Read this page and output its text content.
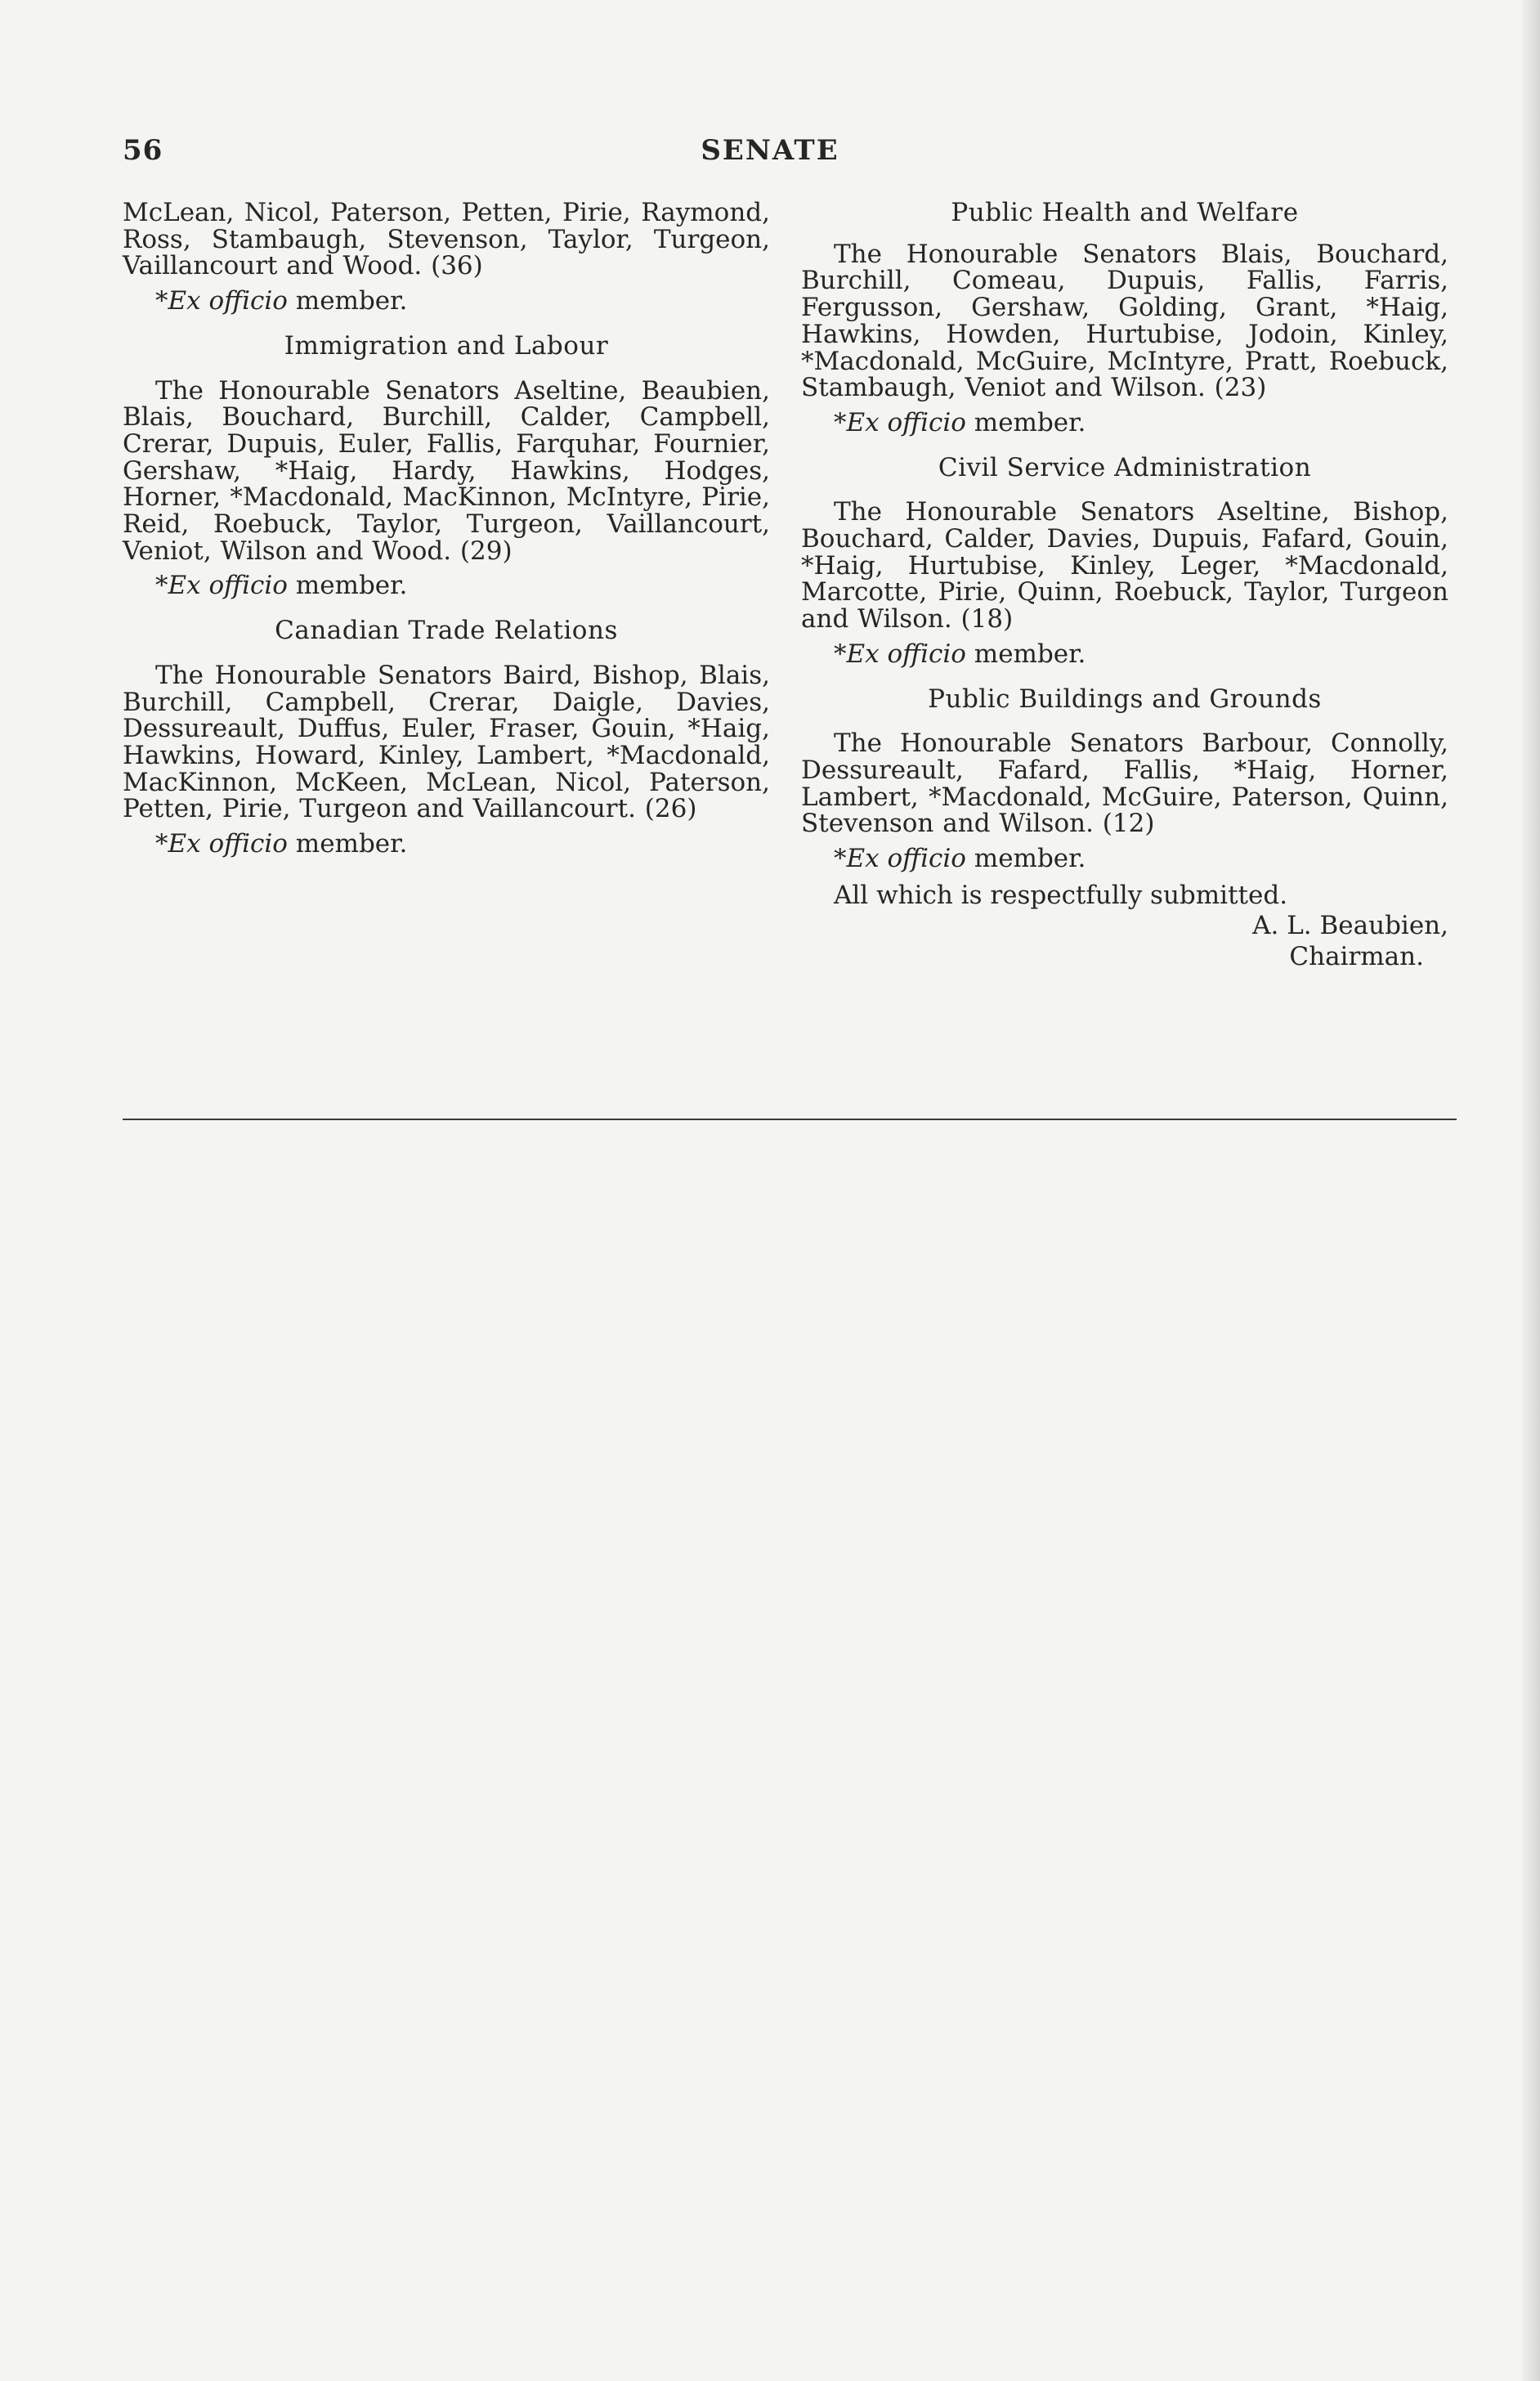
56	SENATE

McLean, Nicol, Paterson, Petten, Pirie, Raymond, Ross, Stambaugh, Stevenson, Taylor, Turgeon, Vaillancourt and Wood. (36)

*Ex officio member.
Immigration and Labour

The Honourable Senators Aseltine, Beaubien, Blais, Bouchard, Burchill, Calder, Campbell, Crerar, Dupuis, Euler, Fallis, Farquhar, Fournier, Gershaw, *Haig, Hardy, Hawkins, Hodges, Horner, *Macdonald, MacKinnon, McIntyre, Pirie, Reid, Roebuck, Taylor, Turgeon, Vaillancourt, Veniot, Wilson and Wood. (29)

*Ex officio member.
Canadian Trade Relations

The Honourable Senators Baird, Bishop, Blais, Burchill, Campbell, Crerar, Daigle, Davies, Dessureault, Duffus, Euler, Fraser, Gouin, *Haig, Hawkins, Howard, Kinley, Lambert, *Macdonald, MacKinnon, McKeen, McLean, Nicol, Paterson, Petten, Pirie, Turgeon and Vaillancourt. (26)

*Ex officio member.
Public Health and Welfare

The Honourable Senators Blais, Bouchard, Burchill, Comeau, Dupuis, Fallis, Farris, Fergusson, Gershaw, Golding, Grant, *Haig, Hawkins, Howden, Hurtubise, Jodoin, Kinley, *Macdonald, McGuire, McIntyre, Pratt, Roebuck, Stambaugh, Veniot and Wilson. (23)

*Ex officio member.
Civil Service Administration

The Honourable Senators Aseltine, Bishop, Bouchard, Calder, Davies, Dupuis, Fafard, Gouin, *Haig, Hurtubise, Kinley, Leger, *Macdonald, Marcotte, Pirie, Quinn, Roebuck, Taylor, Turgeon and Wilson. (18)

*Ex officio member.
Public Buildings and Grounds

The Honourable Senators Barbour, Connolly, Dessureault, Fafard, Fallis, *Haig, Horner, Lambert, *Macdonald, McGuire, Paterson, Quinn, Stevenson and Wilson. (12)

*Ex officio member.
All which is respectfully submitted.
A. L. Beaubien,
Chairman.
